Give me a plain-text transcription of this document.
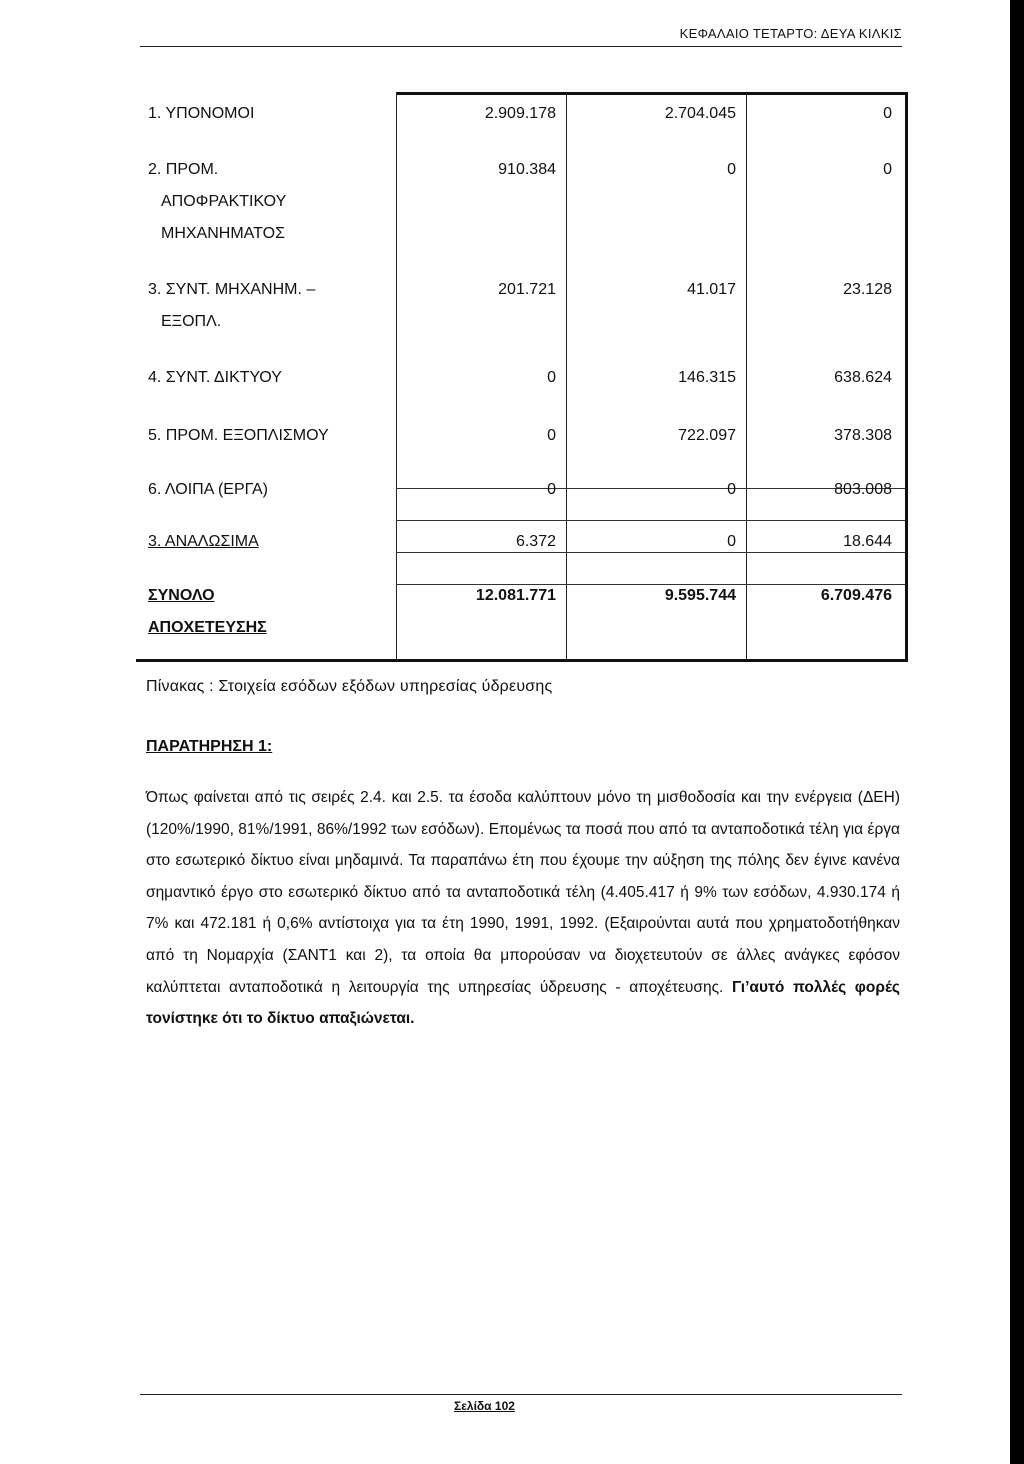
ΚΕΦΑΛΑΙΟ ΤΕΤΑΡΤΟ: ΔΕΥΑ ΚΙΛΚΙΣ
1. ΥΠΟΝΟΜΟΙ	2.909.178	2.704.045	0
2. ΠΡΟΜ.
ΑΠΟΦΡΑΚΤΙΚΟΥ
ΜΗΧΑΝΗΜΑΤΟΣ
910.384	0	0
3. ΣΥΝΤ. ΜΗΧΑΝΗΜ. –
ΕΞΟΠΛ.
201.721	41.017	23.128
4. ΣΥΝΤ. ΔΙΚΤΥΟΥ	0	146.315	638.624
5. ΠΡΟΜ. ΕΞΟΠΛΙΣΜΟΥ	0	722.097	378.308
6. ΛΟΙΠΑ (ΕΡΓΑ)	0	0	803.008
3. ΑΝΑΛΩΣΙΜΑ	6.372	0	18.644
ΣΥΝΟΛΟ
ΑΠΟΧΕΤΕΥΣΗΣ
12.081.771	9.595.744	6.709.476
Πίνακας : Στοιχεία εσόδων εξόδων υπηρεσίας ύδρευσης
ΠΑΡΑΤΗΡΗΣΗ 1:
Όπως φαίνεται από τις σειρές 2.4. και 2.5. τα έσοδα καλύπτουν μόνο τη μισθοδοσία και την ενέργεια (ΔΕΗ) (120%/1990, 81%/1991, 86%/1992 των εσόδων). Επομένως τα ποσά που από τα ανταποδοτικά τέλη για έργα στο εσωτερικό δίκτυο είναι μηδαμινά. Τα παραπάνω έτη που έχουμε την αύξηση της πόλης δεν έγινε κανένα σημαντικό έργο στο εσωτερικό δίκτυο από τα ανταποδοτικά τέλη (4.405.417 ή 9% των εσόδων, 4.930.174 ή 7% και 472.181 ή 0,6% αντίστοιχα για τα έτη 1990, 1991, 1992. (Εξαιρούνται αυτά που χρηματοδοτήθηκαν από τη Νομαρχία (ΣΑΝΤ1 και 2), τα οποία θα μπορούσαν να διοχετευτούν σε άλλες ανάγκες εφόσον καλύπτεται ανταποδοτικά η λειτουργία της υπηρεσίας ύδρευσης - αποχέτευσης. Γι’αυτό πολλές φορές τονίστηκε ότι το δίκτυο απαξιώνεται.
Σελίδα 102
